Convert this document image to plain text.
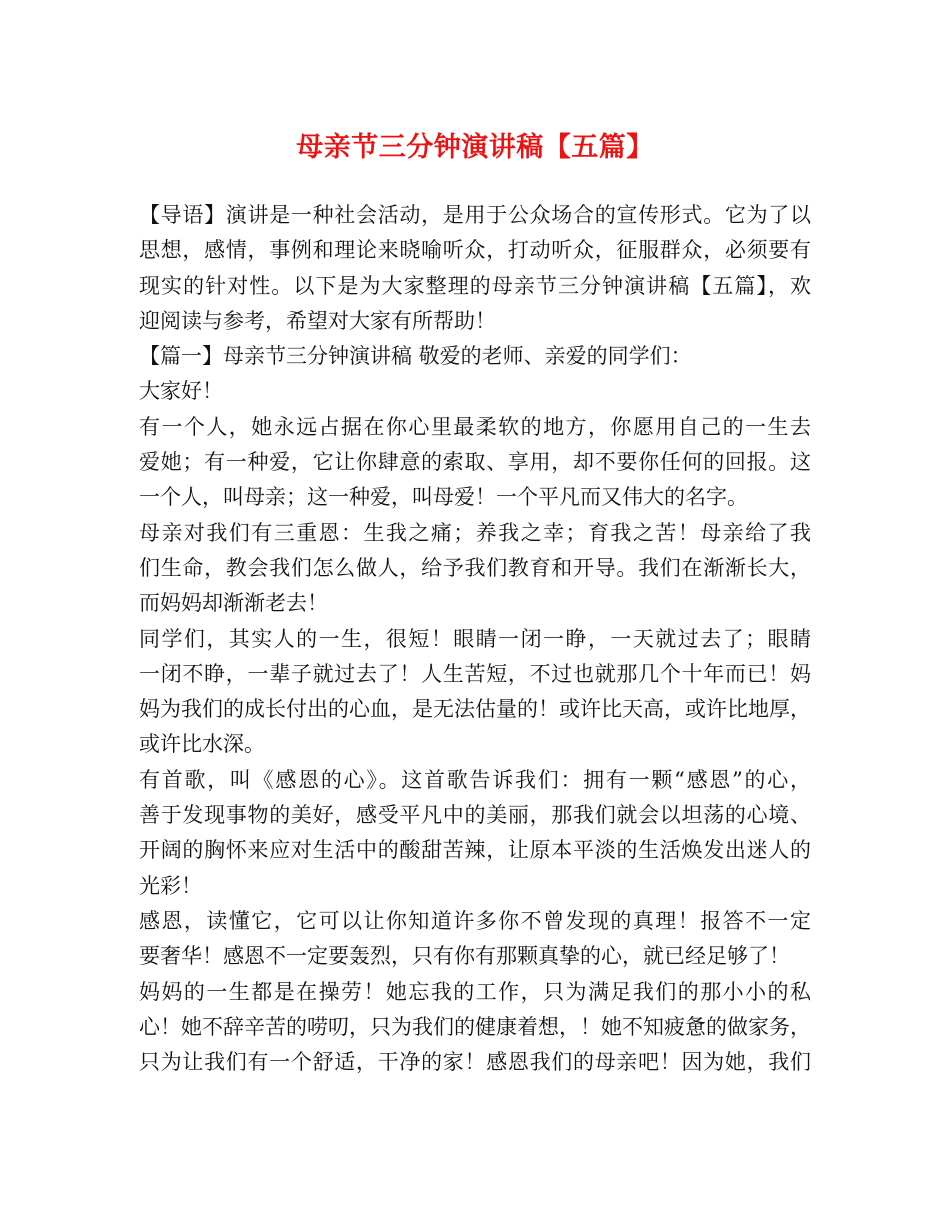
母亲节三分钟演讲稿【五篇】
【导语】演讲是一种社会活动，是用于公众场合的宣传形式。它为了以
思想，感情，事例和理论来晓喻听众，打动听众，征服群众，必须要有
现实的针对性。以下是为大家整理的母亲节三分钟演讲稿【五篇】，欢
迎阅读与参考，希望对大家有所帮助！
【篇一】母亲节三分钟演讲稿 敬爱的老师、亲爱的同学们：
大家好！
有一个人，她永远占据在你心里最柔软的地方，你愿用自己的一生去
爱她；有一种爱，它让你肆意的索取、享用，却不要你任何的回报。这
一个人，叫母亲；这一种爱，叫母爱！一个平凡而又伟大的名字。
母亲对我们有三重恩：生我之痛；养我之幸；育我之苦！母亲给了我
们生命，教会我们怎么做人，给予我们教育和开导。我们在渐渐长大，
而妈妈却渐渐老去！
同学们，其实人的一生，很短！眼睛一闭一睁，一天就过去了；眼睛
一闭不睁，一辈子就过去了！人生苦短，不过也就那几个十年而已！妈
妈为我们的成长付出的心血，是无法估量的！或许比天高，或许比地厚，
或许比水深。
有首歌，叫《感恩的心》。这首歌告诉我们：拥有一颗“感恩”的心，
善于发现事物的美好，感受平凡中的美丽，那我们就会以坦荡的心境、
开阔的胸怀来应对生活中的酸甜苦辣，让原本平淡的生活焕发出迷人的
光彩！
感恩，读懂它，它可以让你知道许多你不曾发现的真理！报答不一定
要奢华！感恩不一定要轰烈，只有你有那颗真挚的心，就已经足够了！
妈妈的一生都是在操劳！她忘我的工作，只为满足我们的那小小的私
心！她不辞辛苦的唠叨，只为我们的健康着想，！她不知疲惫的做家务，
只为让我们有一个舒适，干净的家！感恩我们的母亲吧！因为她，我们
